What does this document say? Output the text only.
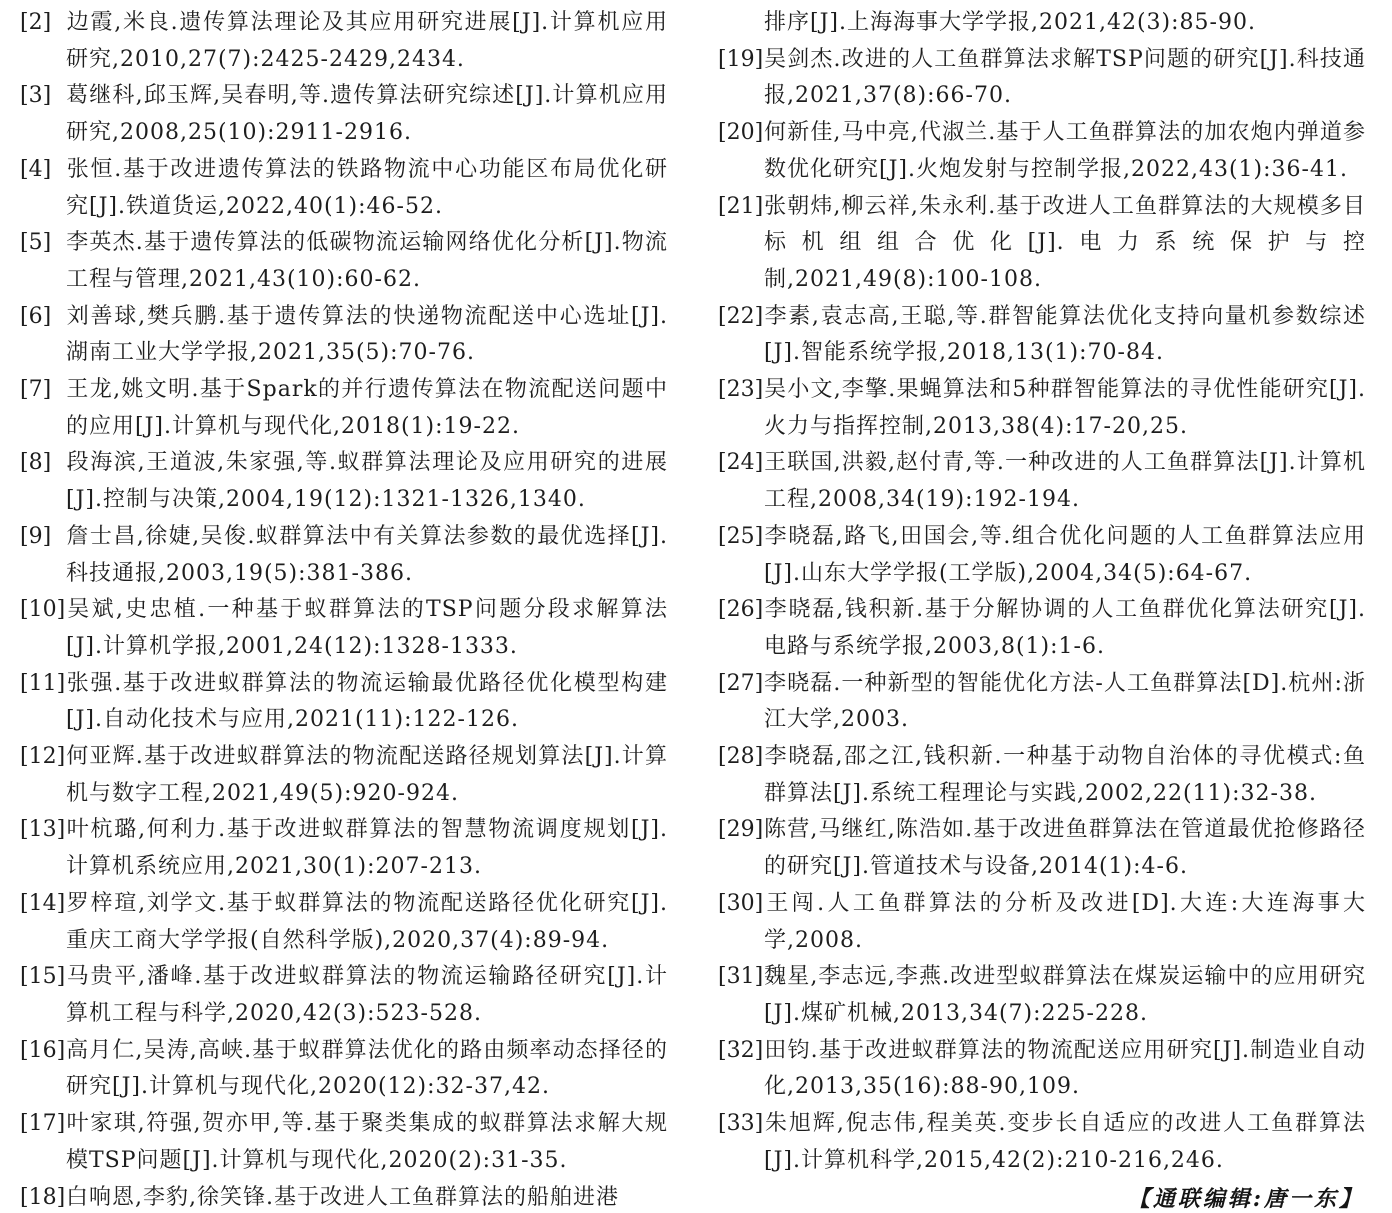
[2] 边霞,米良.遗传算法理论及其应用研究进展[J].计算机应用研究,2010,27(7):2425-2429,2434.
[3] 葛继科,邱玉辉,吴春明,等.遗传算法研究综述[J].计算机应用研究,2008,25(10):2911-2916.
[4] 张恒.基于改进遗传算法的铁路物流中心功能区布局优化研究[J].铁道货运,2022,40(1):46-52.
[5] 李英杰.基于遗传算法的低碳物流运输网络优化分析[J].物流工程与管理,2021,43(10):60-62.
[6] 刘善球,樊兵鹏.基于遗传算法的快递物流配送中心选址[J].湖南工业大学学报,2021,35(5):70-76.
[7] 王龙,姚文明.基于Spark的并行遗传算法在物流配送问题中的应用[J].计算机与现代化,2018(1):19-22.
[8] 段海滨,王道波,朱家强,等.蚁群算法理论及应用研究的进展[J].控制与决策,2004,19(12):1321-1326,1340.
[9] 詹士昌,徐婕,吴俊.蚁群算法中有关算法参数的最优选择[J].科技通报,2003,19(5):381-386.
[10]吴斌,史忠植.一种基于蚁群算法的TSP问题分段求解算法[J].计算机学报,2001,24(12):1328-1333.
[11]张强.基于改进蚁群算法的物流运输最优路径优化模型构建[J].自动化技术与应用,2021(11):122-126.
[12]何亚辉.基于改进蚁群算法的物流配送路径规划算法[J].计算机与数字工程,2021,49(5):920-924.
[13]叶杭璐,何利力.基于改进蚁群算法的智慧物流调度规划[J].计算机系统应用,2021,30(1):207-213.
[14]罗梓瑄,刘学文.基于蚁群算法的物流配送路径优化研究[J].重庆工商大学学报(自然科学版),2020,37(4):89-94.
[15]马贵平,潘峰.基于改进蚁群算法的物流运输路径研究[J].计算机工程与科学,2020,42(3):523-528.
[16]高月仁,吴涛,高峡.基于蚁群算法优化的路由频率动态择径的研究[J].计算机与现代化,2020(12):32-37,42.
[17]叶家琪,符强,贺亦甲,等.基于聚类集成的蚁群算法求解大规模TSP问题[J].计算机与现代化,2020(2):31-35.
[18]白响恩,李豹,徐笑锋.基于改进人工鱼群算法的船舶进港
排序[J].上海海事大学学报,2021,42(3):85-90.
[19]吴剑杰.改进的人工鱼群算法求解TSP问题的研究[J].科技通报,2021,37(8):66-70.
[20]何新佳,马中亮,代淑兰.基于人工鱼群算法的加农炮内弹道参数优化研究[J].火炮发射与控制学报,2022,43(1):36-41.
[21]张朝炜,柳云祥,朱永利.基于改进人工鱼群算法的大规模多目标机组组合优化[J].电力系统保护与控制,2021,49(8):100-108.
[22]李素,袁志高,王聪,等.群智能算法优化支持向量机参数综述[J].智能系统学报,2018,13(1):70-84.
[23]吴小文,李擎.果蝇算法和5种群智能算法的寻优性能研究[J].火力与指挥控制,2013,38(4):17-20,25.
[24]王联国,洪毅,赵付青,等.一种改进的人工鱼群算法[J].计算机工程,2008,34(19):192-194.
[25]李晓磊,路飞,田国会,等.组合优化问题的人工鱼群算法应用[J].山东大学学报(工学版),2004,34(5):64-67.
[26]李晓磊,钱积新.基于分解协调的人工鱼群优化算法研究[J].电路与系统学报,2003,8(1):1-6.
[27]李晓磊.一种新型的智能优化方法-人工鱼群算法[D].杭州:浙江大学,2003.
[28]李晓磊,邵之江,钱积新.一种基于动物自治体的寻优模式:鱼群算法[J].系统工程理论与实践,2002,22(11):32-38.
[29]陈营,马继红,陈浩如.基于改进鱼群算法在管道最优抢修路径的研究[J].管道技术与设备,2014(1):4-6.
[30]王闯.人工鱼群算法的分析及改进[D].大连:大连海事大学,2008.
[31]魏星,李志远,李燕.改进型蚁群算法在煤炭运输中的应用研究[J].煤矿机械,2013,34(7):225-228.
[32]田钧.基于改进蚁群算法的物流配送应用研究[J].制造业自动化,2013,35(16):88-90,109.
[33]朱旭辉,倪志伟,程美英.变步长自适应的改进人工鱼群算法[J].计算机科学,2015,42(2):210-216,246.
【通联编辑:唐一东】
